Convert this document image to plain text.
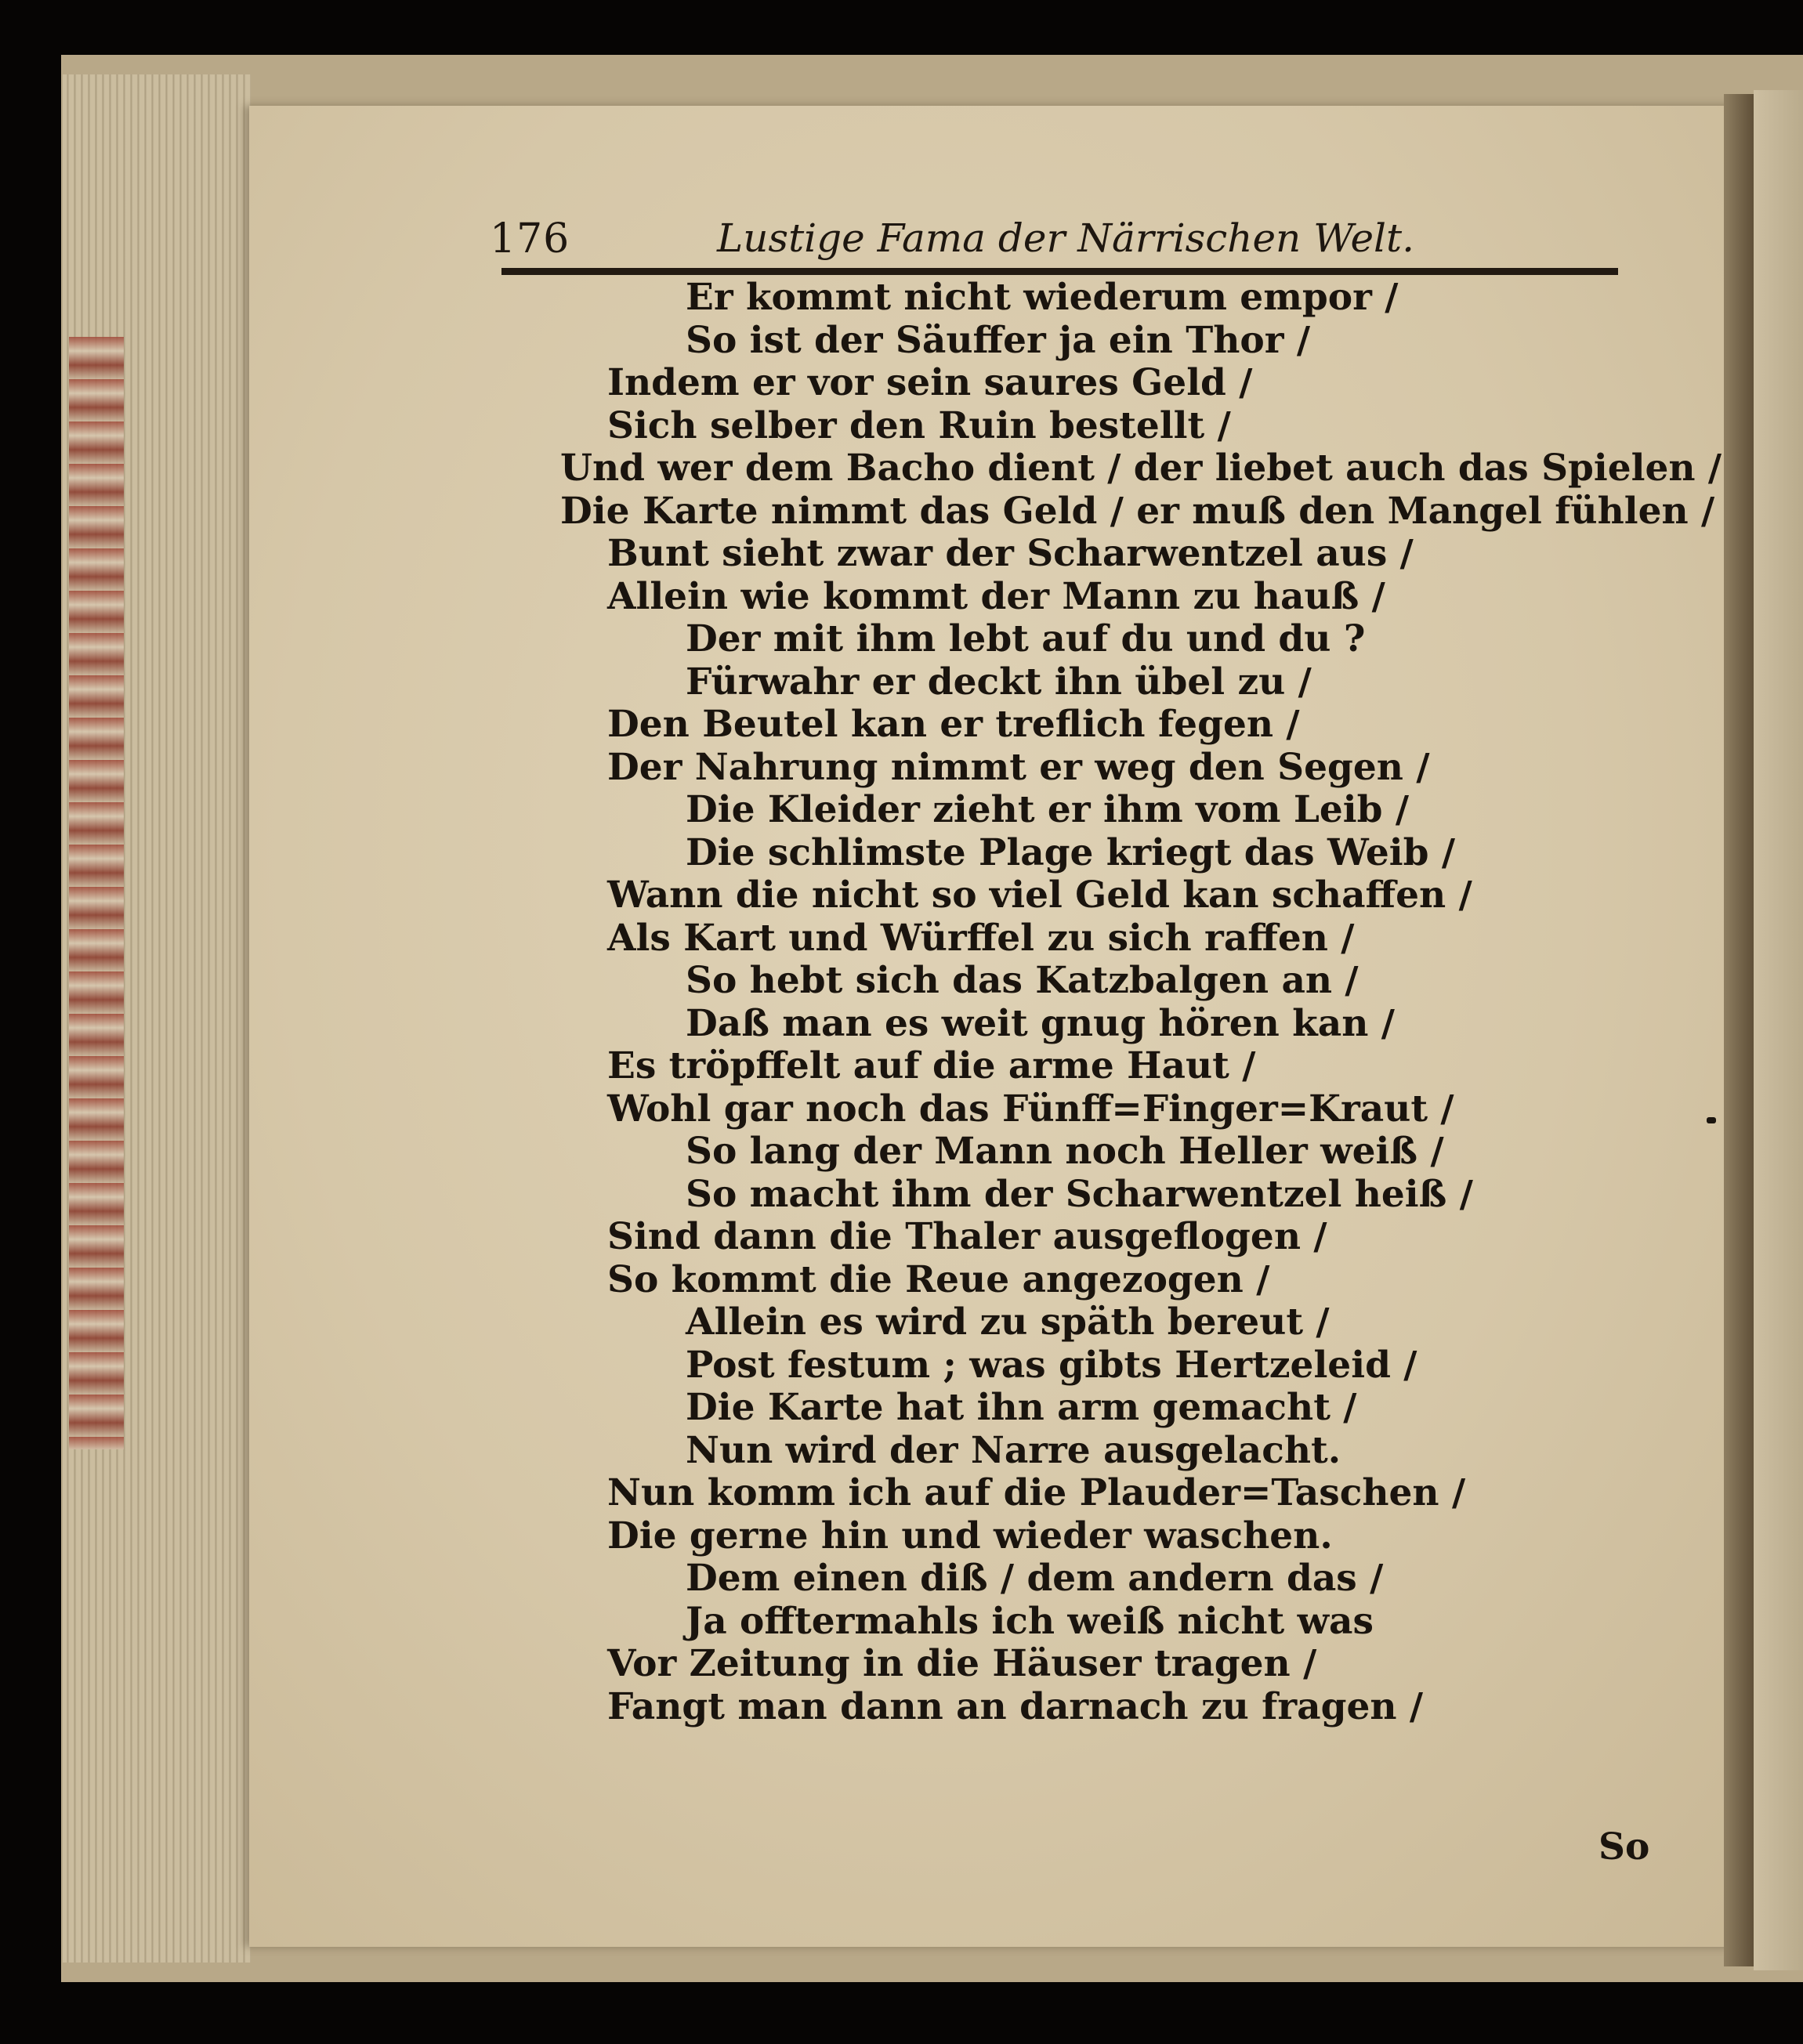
176	Lustige Fama der Närrischen Welt.
Er kommt nicht wiederum empor /
So ist der Säuffer ja ein Thor /
Indem er vor sein saures Geld /
Sich selber den Ruin bestellt /
Und wer dem Bacho dient / der liebet auch das Spielen /
Die Karte nimmt das Geld / er muß den Mangel fühlen /
Bunt sieht zwar der Scharwentzel aus /
Allein wie kommt der Mann zu hauß /
Der mit ihm lebt auf du und du ?
Fürwahr er deckt ihn übel zu /
Den Beutel kan er treflich fegen /
Der Nahrung nimmt er weg den Segen /
Die Kleider zieht er ihm vom Leib /
Die schlimste Plage kriegt das Weib /
Wann die nicht so viel Geld kan schaffen /
Als Kart und Würffel zu sich raffen /
So hebt sich das Katzbalgen an /
Daß man es weit gnug hören kan /
Es tröpffelt auf die arme Haut /
Wohl gar noch das Fünff=Finger=Kraut /
So lang der Mann noch Heller weiß /
So macht ihm der Scharwentzel heiß /
Sind dann die Thaler ausgeflogen /
So kommt die Reue angezogen /
Allein es wird zu späth bereut /
Post festum ; was gibts Hertzeleid /
Die Karte hat ihn arm gemacht /
Nun wird der Narre ausgelacht.
Nun komm ich auf die Plauder=Taschen /
Die gerne hin und wieder waschen.
Dem einen diß / dem andern das /
Ja offtermahls ich weiß nicht was
Vor Zeitung in die Häuser tragen /
Fangt man dann an darnach zu fragen /
So
